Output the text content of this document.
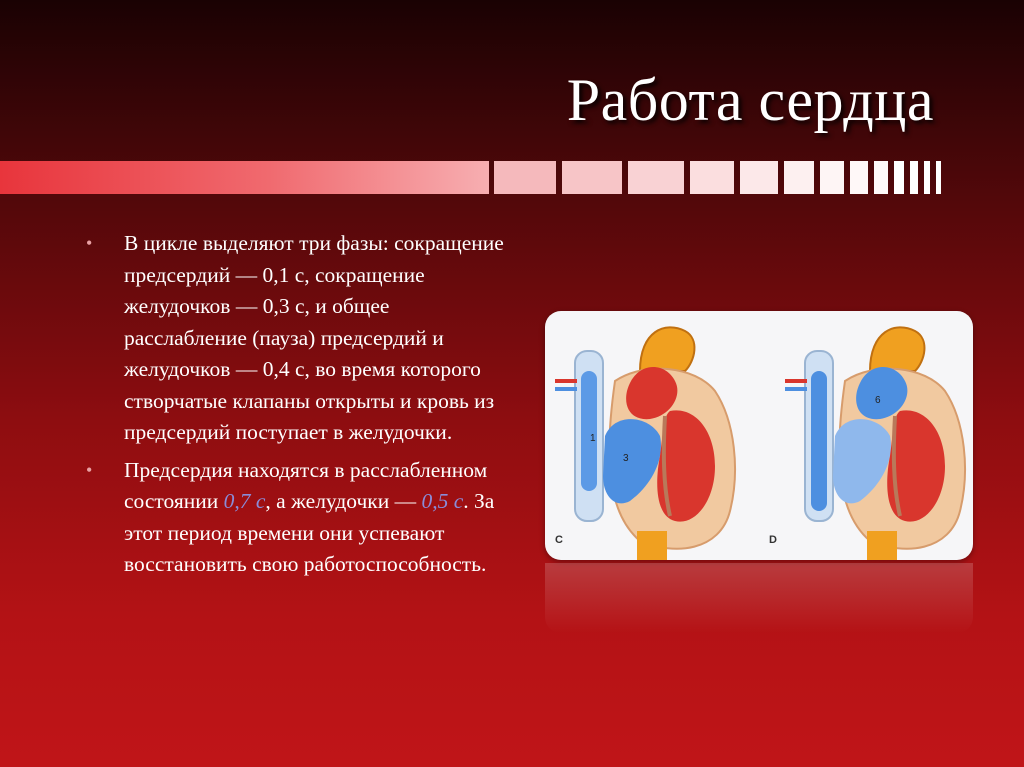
Работа сердца
• В цикле выделяют три фазы: сокращение предсердий — 0,1 с, сокращение желудочков — 0,3 с, и общее расслабление (пауза) предсердий и желудочков — 0,4 с, во время которого створчатые клапаны открыты и кровь из предсердий поступает в желудочки.
• Предсердия находятся в расслабленном состоянии 0,7 с, а желудочки — 0,5 с. За этот период времени они успевают восстановить свою работоспособность.
1
3
6
C	D
